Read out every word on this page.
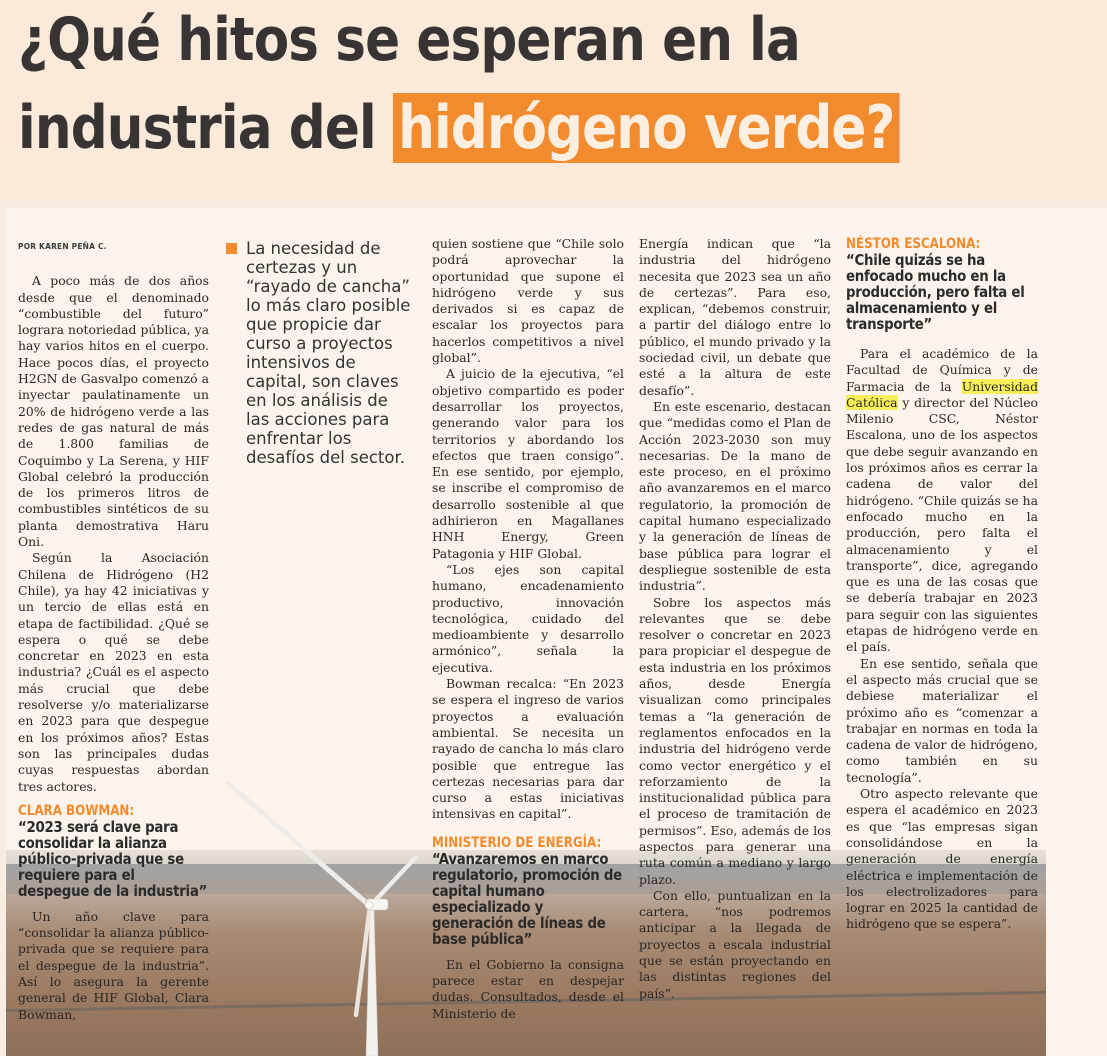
¿Qué hitos se esperan en la
industria del hidrógeno verde?
POR KAREN PEÑA C.

A poco más de dos años desde que el denominado “combustible del futuro” lograra notoriedad pública, ya hay varios hitos en el cuerpo. Hace pocos días, el proyecto H2GN de Gasvalpo comenzó a inyectar paulatinamente un 20% de hidrógeno verde a las redes de gas natural de más de 1.800 familias de Coquimbo y La Serena, y HIF Global celebró la producción de los primeros litros de combustibles sintéticos de su planta demostrativa Haru Oni.

Según la Asociación Chilena de Hidrógeno (H2 Chile), ya hay 42 iniciativas y un tercio de ellas está en etapa de factibilidad. ¿Qué se espera o qué se debe concretar en 2023 en esta industria? ¿Cuál es el aspecto más crucial que debe resolverse y/o materializarse en 2023 para que despegue en los próximos años? Estas son las principales dudas cuyas respuestas abordan tres actores.

CLARA BOWMAN:
“2023 será clave para consolidar la alianza público-privada que se requiere para el despegue de la industria”

Un año clave para “consolidar la alianza público-privada que se requiere para el despegue de la industria”. Así lo asegura la gerente general de HIF Global, Clara Bowman,

La necesidad de certezas y un “rayado de cancha” lo más claro posible que propicie dar curso a proyectos intensivos de capital, son claves en los análisis de las acciones para enfrentar los desafíos del sector.

quien sostiene que “Chile solo podrá aprovechar la oportunidad que supone el hidrógeno verde y sus derivados si es capaz de escalar los proyectos para hacerlos competitivos a nivel global”.

A juicio de la ejecutiva, “el objetivo compartido es poder desarrollar los proyectos, generando valor para los territorios y abordando los efectos que traen consigo”. En ese sentido, por ejemplo, se inscribe el compromiso de desarrollo sostenible al que adhirieron en Magallanes HNH Energy, Green Patagonia y HIF Global.

“Los ejes son capital humano, encadenamiento productivo, innovación tecnológica, cuidado del medioambiente y desarrollo armónico”, señala la ejecutiva.

Bowman recalca: “En 2023 se espera el ingreso de varios proyectos a evaluación ambiental. Se necesita un rayado de cancha lo más claro posible que entregue las certezas necesarias para dar curso a estas iniciativas intensivas en capital”.

MINISTERIO DE ENERGÍA:
“Avanzaremos en marco regulatorio, promoción de capital humano especializado y generación de líneas de base pública”

En el Gobierno la consigna parece estar en despejar dudas. Consultados, desde el Ministerio de

Energía indican que “la industria del hidrógeno necesita que 2023 sea un año de certezas”. Para eso, explican, “debemos construir, a partir del diálogo entre lo público, el mundo privado y la sociedad civil, un debate que esté a la altura de este desafío”.

En este escenario, destacan que “medidas como el Plan de Acción 2023-2030 son muy necesarias. De la mano de este proceso, en el próximo año avanzaremos en el marco regulatorio, la promoción de capital humano especializado y la generación de líneas de base pública para lograr el despliegue sostenible de esta industria”.

Sobre los aspectos más relevantes que se debe resolver o concretar en 2023 para propiciar el despegue de esta industria en los próximos años, desde Energía visualizan como principales temas a “la generación de reglamentos enfocados en la industria del hidrógeno verde como vector energético y el reforzamiento de la institucionalidad pública para el proceso de tramitación de permisos”. Eso, además de los aspectos para generar una ruta común a mediano y largo plazo.

Con ello, puntualizan en la cartera, “nos podremos anticipar a la llegada de proyectos a escala industrial que se están proyectando en las distintas regiones del país”.

NÉSTOR ESCALONA:
“Chile quizás se ha enfocado mucho en la producción, pero falta el almacenamiento y el transporte”

Para el académico de la Facultad de Química y de Farmacia de la Universidad Católica y director del Núcleo Milenio CSC, Néstor Escalona, uno de los aspectos que debe seguir avanzando en los próximos años es cerrar la cadena de valor del hidrógeno. “Chile quizás se ha enfocado mucho en la producción, pero falta el almacenamiento y el transporte”, dice, agregando que es una de las cosas que se debería trabajar en 2023 para seguir con las siguientes etapas de hidrógeno verde en el país.

En ese sentido, señala que el aspecto más crucial que se debiese materializar el próximo año es “comenzar a trabajar en normas en toda la cadena de valor de hidrógeno, como también en su tecnología”.

Otro aspecto relevante que espera el académico en 2023 es que “las empresas sigan consolidándose en la generación de energía eléctrica e implementación de los electrolizadores para lograr en 2025 la cantidad de hidrógeno que se espera”.
